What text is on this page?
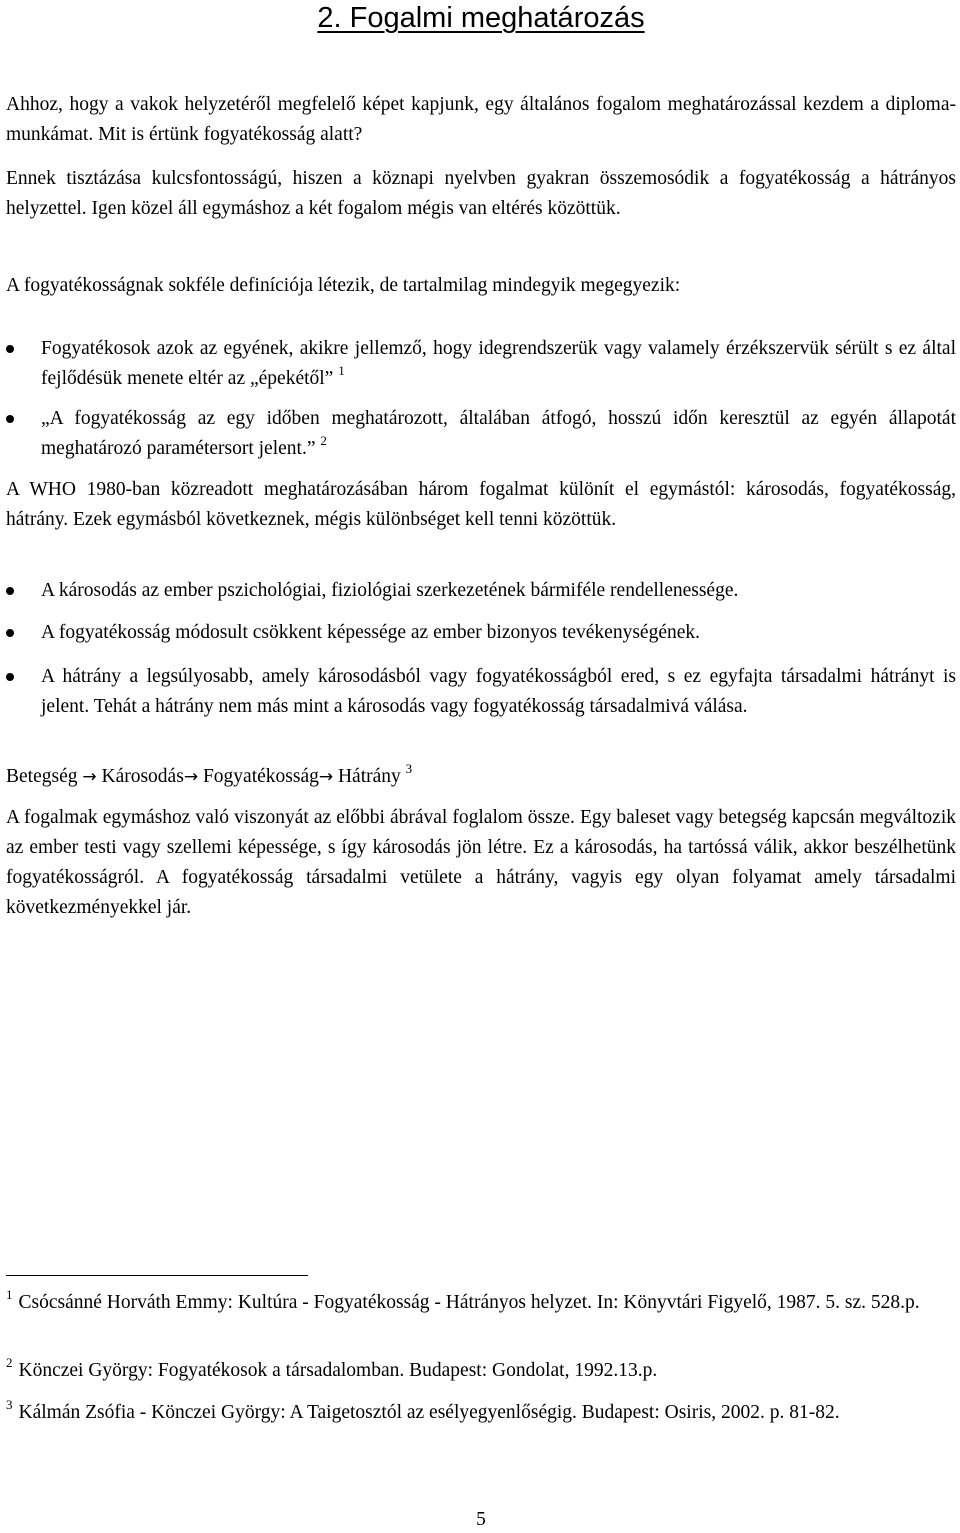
2. Fogalmi meghatározás

Ahhoz, hogy a vakok helyzetéről megfelelő képet kapjunk, egy általános fogalom meghatározással kezdem a diploma-munkámat. Mit is értünk fogyatékosság alatt?

Ennek tisztázása kulcsfontosságú, hiszen a köznapi nyelvben gyakran összemosódik a fogyatékosság a hátrányos helyzettel. Igen közel áll egymáshoz a két fogalom mégis van eltérés közöttük.

A fogyatékosságnak sokféle definíciója létezik, de tartalmilag mindegyik megegyezik:

Fogyatékosok azok az egyének, akikre jellemző, hogy idegrendszerük vagy valamely érzékszervük sérült s ez által fejlődésük menete eltér az „épekétől” $^1$
„A fogyatékosság az egy időben meghatározott, általában átfogó, hosszú időn keresztül az egyén állapotát meghatározó paramétersort jelent.” $^2$

A WHO 1980-ban közreadott meghatározásában három fogalmat különít el egymástól: károsodás, fogyatékosság, hátrány. Ezek egymásból következnek, mégis különbséget kell tenni közöttük.

A károsodás az ember pszichológiai, fiziológiai szerkezetének bármiféle rendellenessége.
A fogyatékosság módosult csökkent képessége az ember bizonyos tevékenységének.
A hátrány a legsúlyosabb, amely károsodásból vagy fogyatékosságból ered, s ez egyfajta társadalmi hátrányt is jelent. Tehát a hátrány nem más mint a károsodás vagy fogyatékosság társadalmivá válása.
Betegség → Károsodás→ Fogyatékosság→ Hátrány $^3$

A fogalmak egymáshoz való viszonyát az előbbi ábrával foglalom össze. Egy baleset vagy betegség kapcsán megváltozik az ember testi vagy szellemi képessége, s így károsodás jön létre. Ez a károsodás, ha tartóssá válik, akkor beszélhetünk fogyatékosságról. A fogyatékosság társadalmi vetülete a hátrány, vagyis egy olyan folyamat amely társadalmi következményekkel jár.

$^1$ Csócsánné Horváth Emmy: Kultúra - Fogyatékosság - Hátrányos helyzet. In: Könyvtári Figyelő, 1987. 5. sz. 528.p.
$^2$ Könczei György: Fogyatékosok a társadalomban. Budapest: Gondolat, 1992.13.p.
$^3$ Kálmán Zsófia - Könczei György: A Taigetosztól az esélyegyenlőségig. Budapest: Osiris, 2002. p. 81-82.
5
